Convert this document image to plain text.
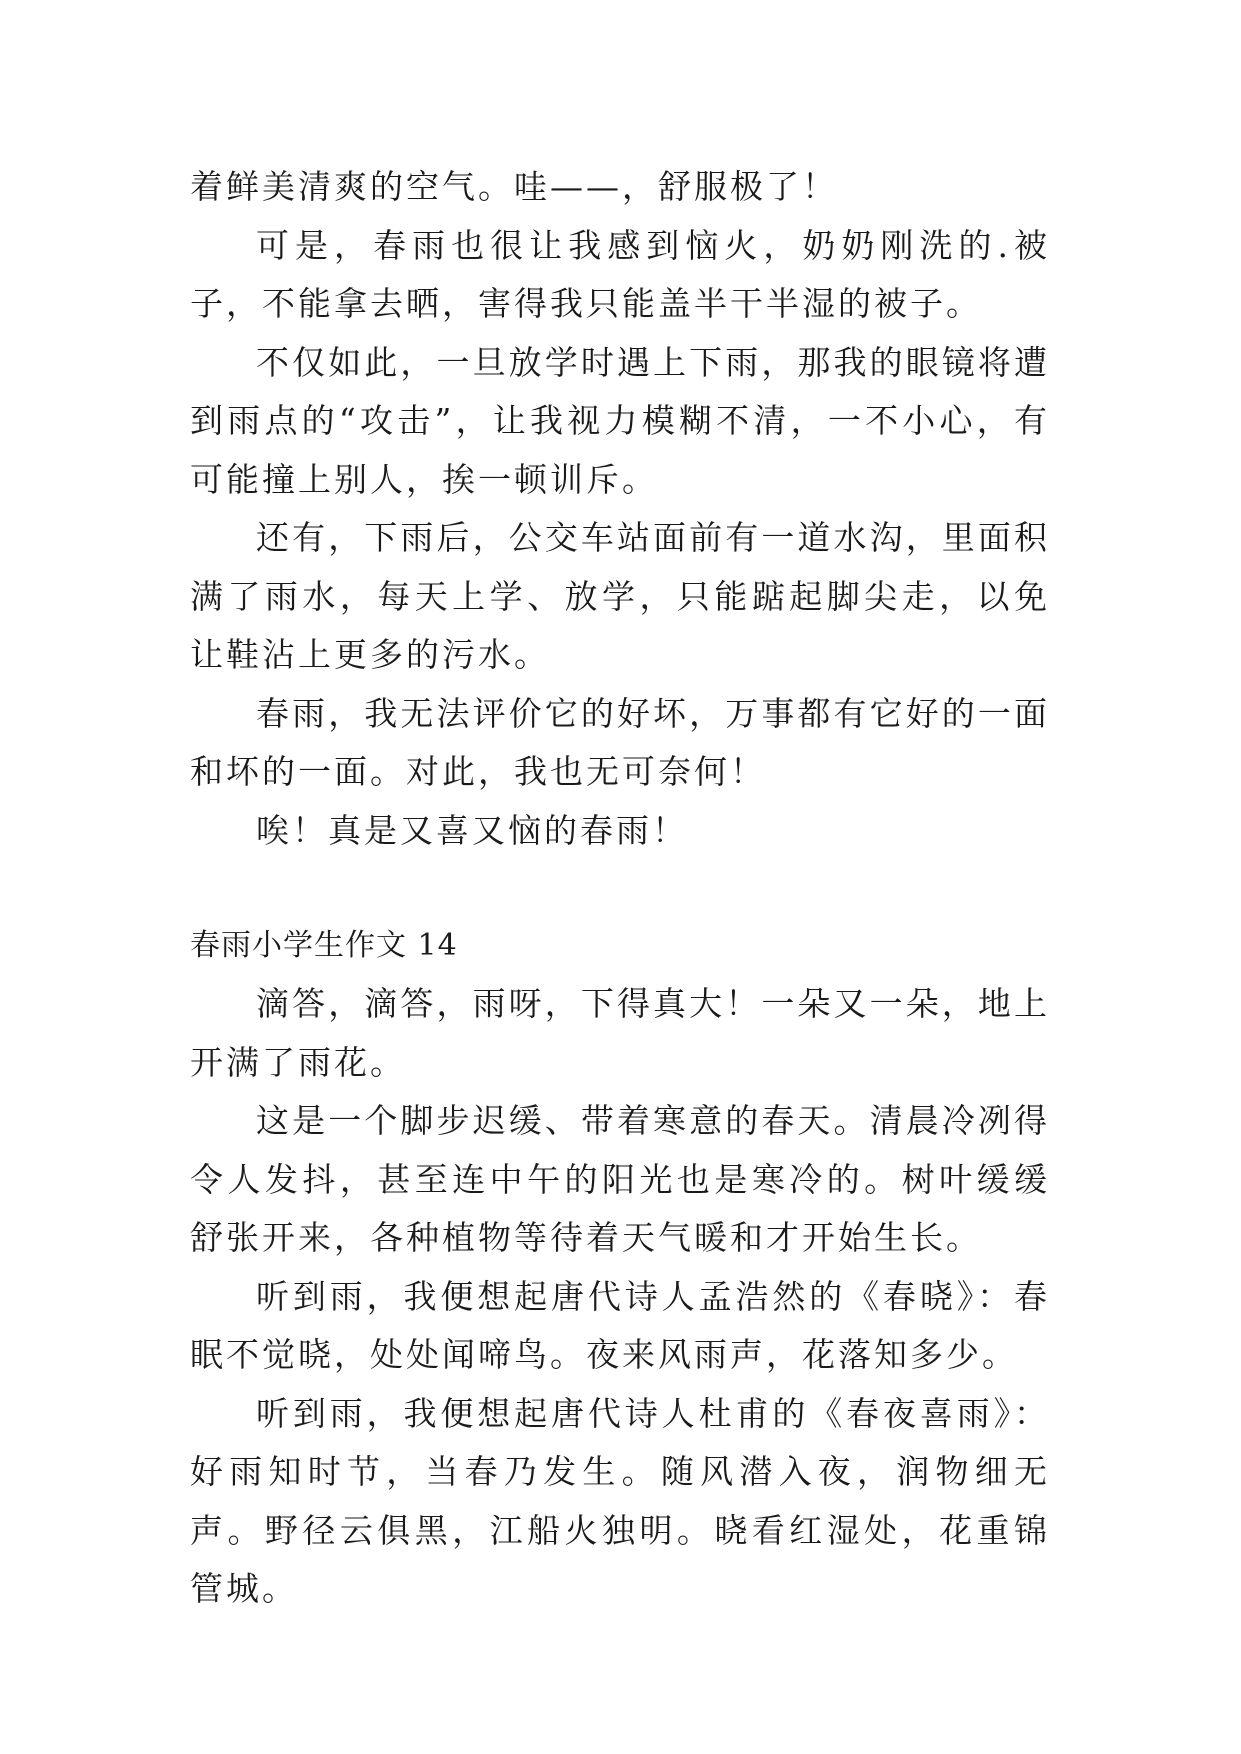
着鲜美清爽的空气。哇——，舒服极了！

可是，春雨也很让我感到恼火，奶奶刚洗的.被子，不能拿去晒，害得我只能盖半干半湿的被子。

不仅如此，一旦放学时遇上下雨，那我的眼镜将遭到雨点的“攻击”，让我视力模糊不清，一不小心，有可能撞上别人，挨一顿训斥。

还有，下雨后，公交车站面前有一道水沟，里面积满了雨水，每天上学、放学，只能踮起脚尖走，以免让鞋沾上更多的污水。

春雨，我无法评价它的好坏，万事都有它好的一面和坏的一面。对此，我也无可奈何！

唉！真是又喜又恼的春雨！

春雨小学生作文 14

滴答，滴答，雨呀，下得真大！一朵又一朵，地上开满了雨花。

这是一个脚步迟缓、带着寒意的春天。清晨冷冽得令人发抖，甚至连中午的阳光也是寒冷的。树叶缓缓舒张开来，各种植物等待着天气暖和才开始生长。

听到雨，我便想起唐代诗人孟浩然的《春晓》：春眠不觉晓，处处闻啼鸟。夜来风雨声，花落知多少。

听到雨，我便想起唐代诗人杜甫的《春夜喜雨》：好雨知时节，当春乃发生。随风潜入夜，润物细无声。野径云俱黑，江船火独明。晓看红湿处，花重锦管城。
